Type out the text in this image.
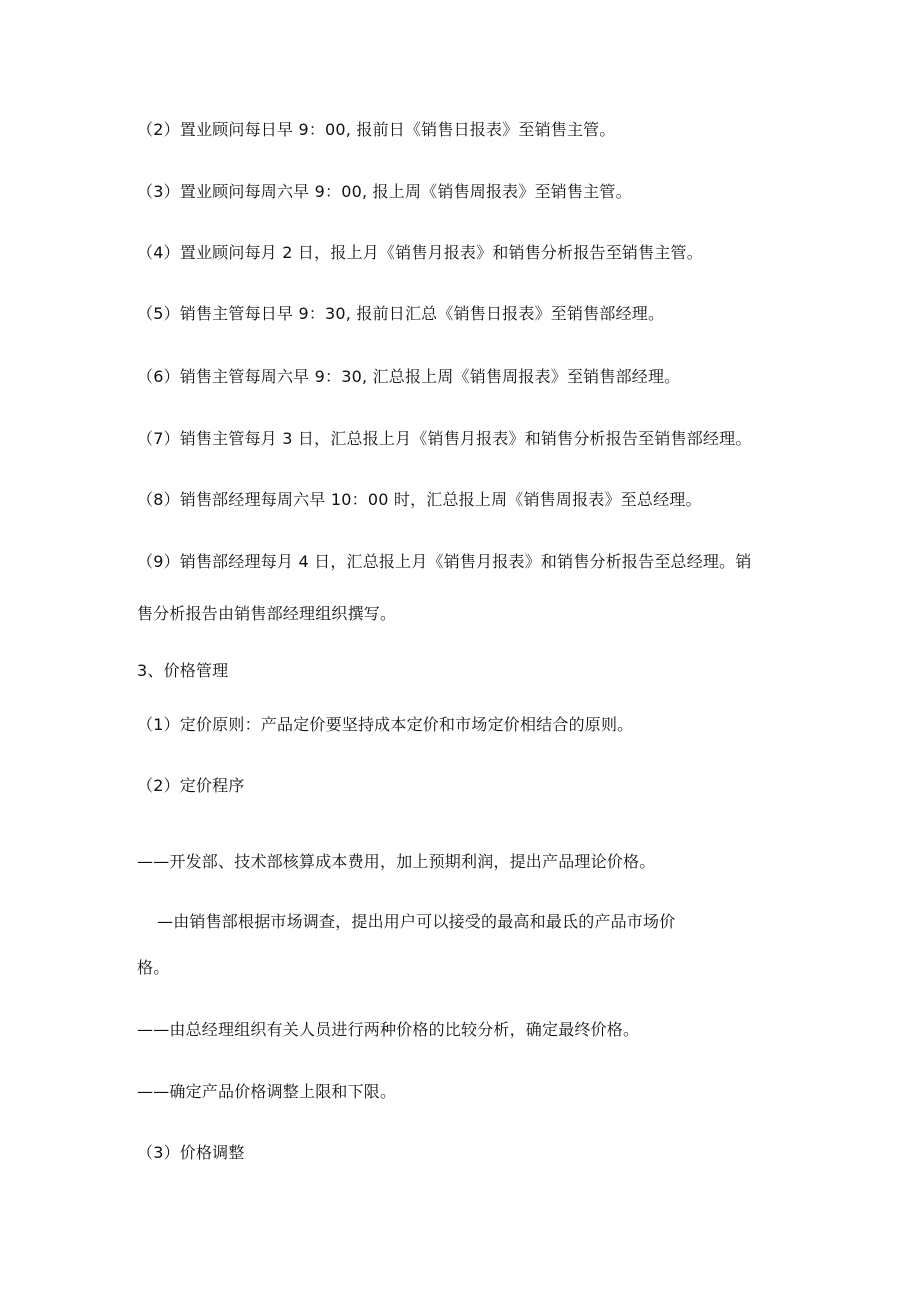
（2）置业顾问每日早 9：00, 报前日《销售日报表》至销售主管。
（3）置业顾问每周六早 9：00, 报上周《销售周报表》至销售主管。
（4）置业顾问每月 2 日，报上月《销售月报表》和销售分析报告至销售主管。
（5）销售主管每日早 9：30, 报前日汇总《销售日报表》至销售部经理。
（6）销售主管每周六早 9：30, 汇总报上周《销售周报表》至销售部经理。
（7）销售主管每月 3 日，汇总报上月《销售月报表》和销售分析报告至销售部经理。
（8）销售部经理每周六早 10：00 时，汇总报上周《销售周报表》至总经理。
（9）销售部经理每月 4 日，汇总报上月《销售月报表》和销售分析报告至总经理。销
售分析报告由销售部经理组织撰写。
3、价格管理
（1）定价原则：产品定价要坚持成本定价和市场定价相结合的原则。
（2）定价程序
——开发部、技术部核算成本费用，加上预期利润，提出产品理论价格。
—由销售部根据市场调查，提出用户可以接受的最高和最氐的产品市场价
格。
——由总经理组织有关人员进行两种价格的比较分析，确定最终价格。
——确定产品价格调整上限和下限。
（3）价格调整
